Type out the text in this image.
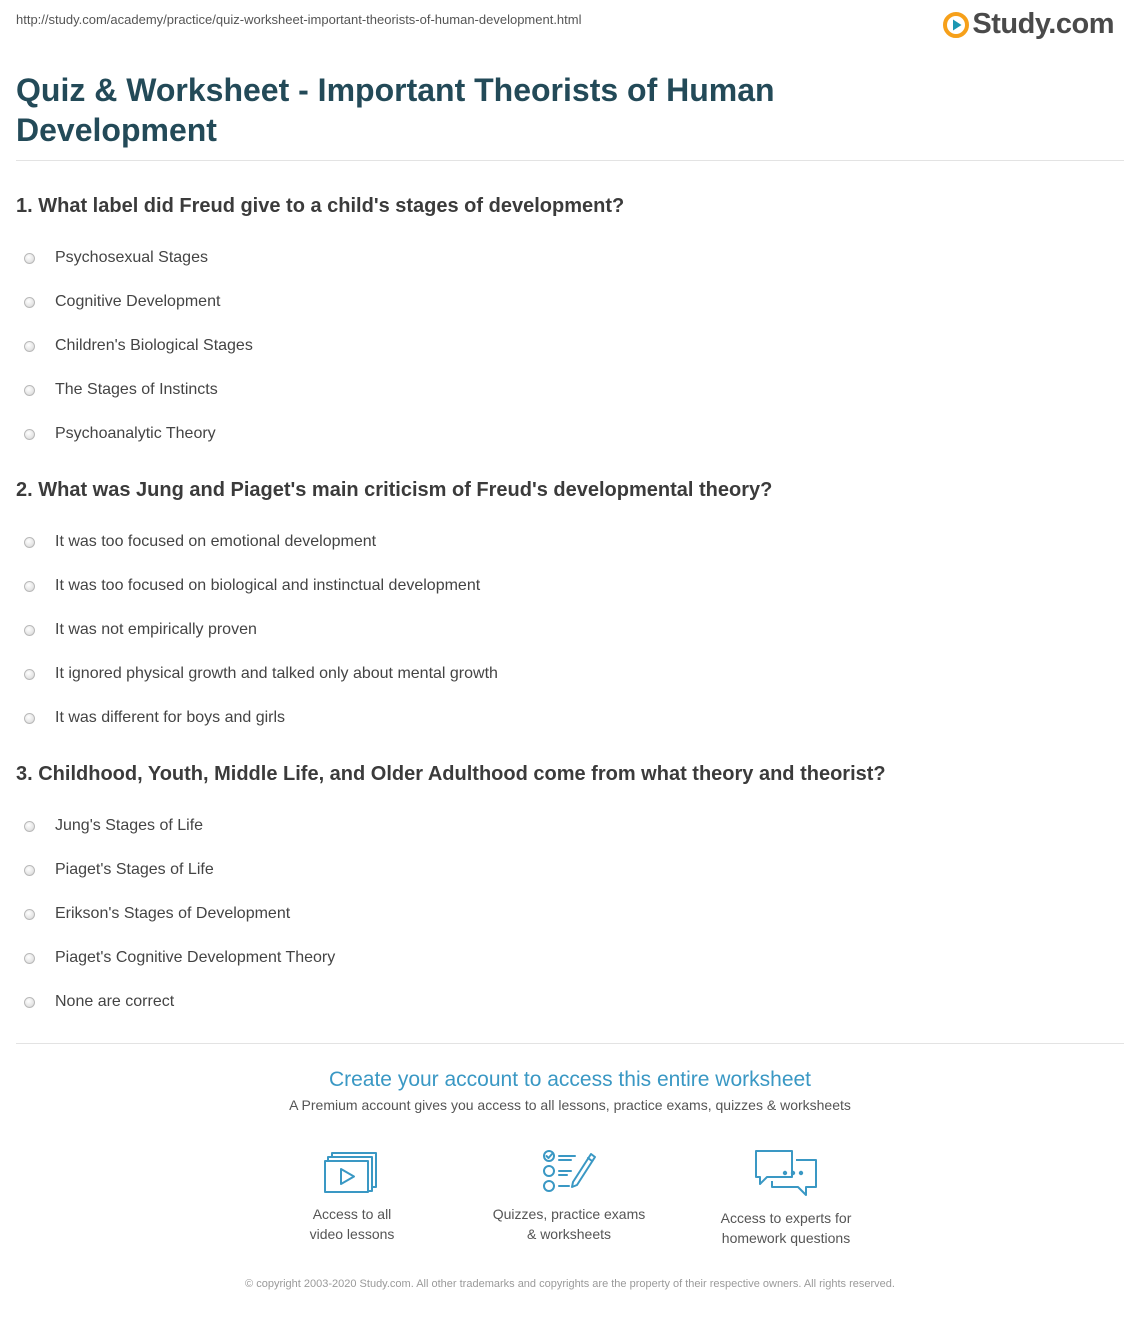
http://study.com/academy/practice/quiz-worksheet-important-theorists-of-human-development.html	Study.com
Quiz & Worksheet - Important Theorists of Human Development

1. What label did Freud give to a child's stages of development?

Psychosexual Stages
Cognitive Development
Children's Biological Stages
The Stages of Instincts
Psychoanalytic Theory

2. What was Jung and Piaget's main criticism of Freud's developmental theory?

It was too focused on emotional development
It was too focused on biological and instinctual development
It was not empirically proven
It ignored physical growth and talked only about mental growth
It was different for boys and girls

3. Childhood, Youth, Middle Life, and Older Adulthood come from what theory and theorist?

Jung's Stages of Life
Piaget's Stages of Life
Erikson's Stages of Development
Piaget's Cognitive Development Theory
None are correct

Create your account to access this entire worksheet

A Premium account gives you access to all lessons, practice exams, quizzes & worksheets

Access to all
video lessons
Quizzes, practice exams
& worksheets
Access to experts for
homework questions
© copyright 2003-2020 Study.com. All other trademarks and copyrights are the property of their respective owners. All rights reserved.
